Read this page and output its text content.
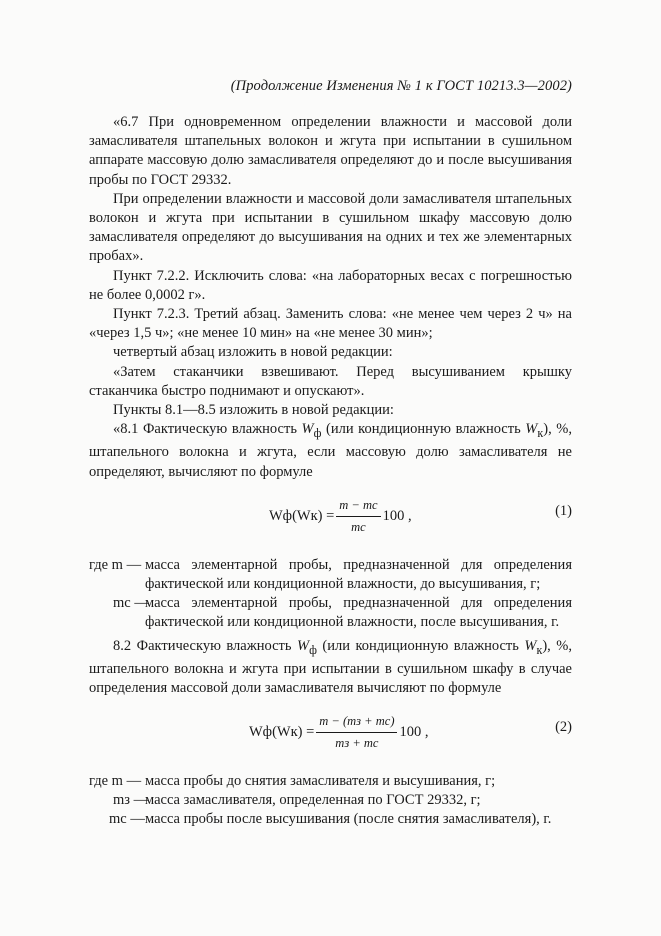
(Продолжение Изменения № 1 к ГОСТ 10213.3—2002)

«6.7 При одновременном определении влажности и массовой доли замасливателя штапельных волокон и жгута при испытании в сушильном аппарате массовую долю замасливателя определяют до и после высушивания пробы по ГОСТ 29332.

При определении влажности и массовой доли замасливателя штапельных волокон и жгута при испытании в сушильном шкафу массовую долю замасливателя определяют до высушивания на одних и тех же элементарных пробах».

Пункт 7.2.2. Исключить слова: «на лабораторных весах с погрешностью не более 0,0002 г».

Пункт 7.2.3. Третий абзац. Заменить слова: «не менее чем через 2 ч» на «через 1,5 ч»; «не менее 10 мин» на «не менее 30 мин»;

четвертый абзац изложить в новой редакции:

«Затем стаканчики взвешивают. Перед высушиванием крышку стаканчика быстро поднимают и опускают».

Пункты 8.1—8.5 изложить в новой редакции:

«8.1 Фактическую влажность $W_ф$ (или кондиционную влажность $W_к$), %, штапельного волокна и жгута, если массовую долю замасливателя не определяют, вычисляют по формуле

$Wф(Wк) = \frac{m - mс}{mс} 100$ ,	(1)
где m — масса элементарной пробы, предназначенной для определения фактической или кондиционной влажности, до высушивания, г;
mс —
масса элементарной пробы, предназначенной для определения фактической или кондиционной влажности, после высушивания, г.

8.2 Фактическую влажность $W_ф$ (или кондиционную влажность $W_к$), %, штапельного волокна и жгута при испытании в сушильном шкафу в случае определения массовой доли замасливателя вычисляют по формуле

$Wф(Wк) = \frac{m - (mз + mс)}{mз + mс} 100$ ,	(2)
где m — масса пробы до снятия замасливателя и высушивания, г;
mз —
масса замасливателя, определенная по ГОСТ 29332, г;
mс — масса пробы после высушивания (после снятия замасливателя), г.
